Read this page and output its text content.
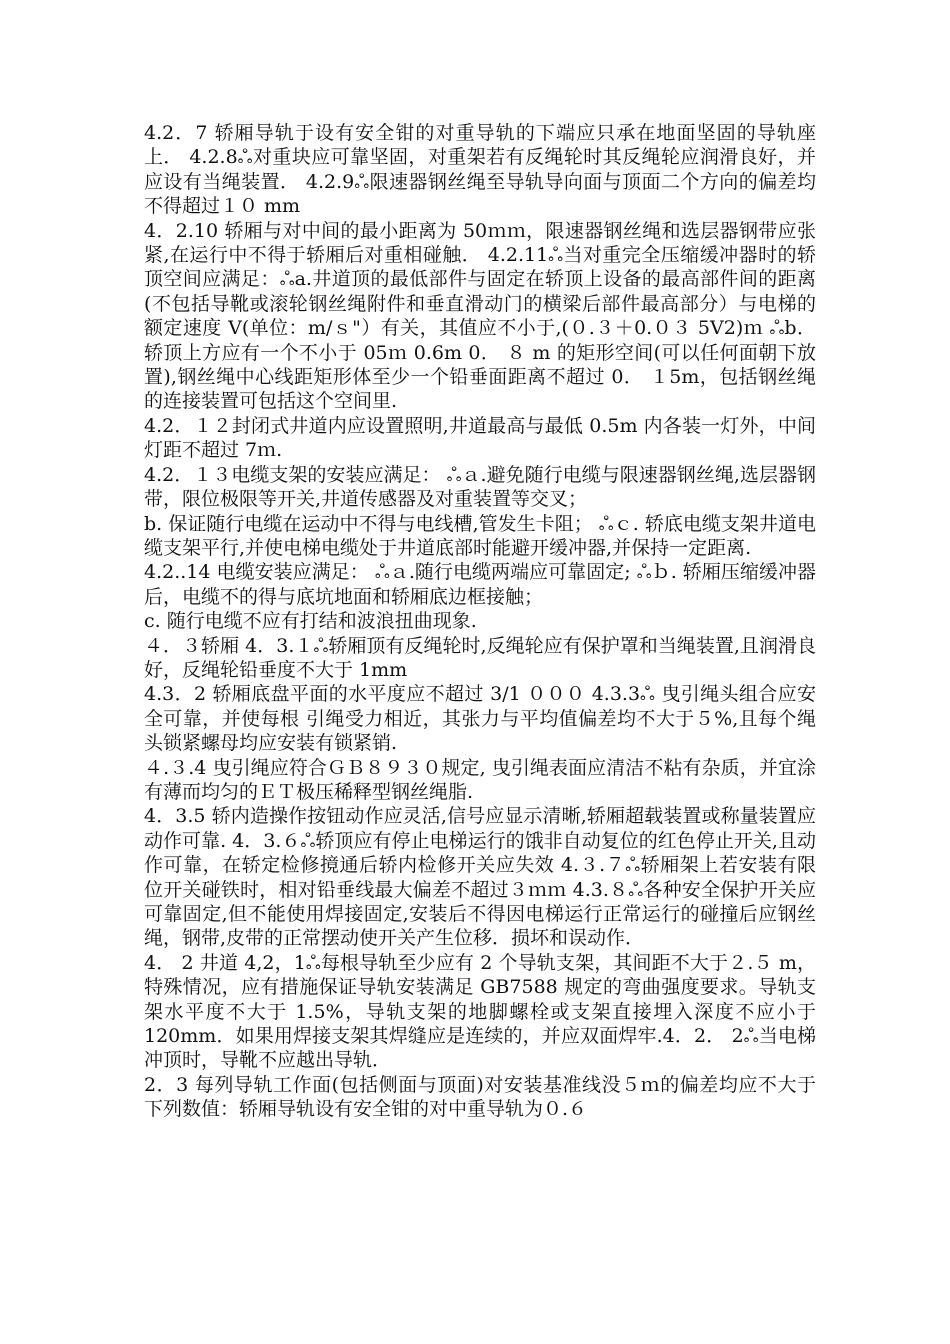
4.2．7 轿厢导轨于设有安全钳的对重导轨的下端应只承在地面坚固的导轨座上． 4.2.8ஃ对重块应可靠坚固，对重架若有反绳轮时其反绳轮应润滑良好，并应设有当绳装置． 4.2.9ஃ限速器钢丝绳至导轨导向面与顶面二个方向的偏差均不得超过１０ mm

4．2.10 轿厢与对中间的最小距离为 50ｍｍ，限速器钢丝绳和选层器钢带应张紧,在运行中不得于轿厢后对重相碰触． 4.2.11ஃ当对重完全压缩缓冲器时的轿顶空间应满足：ஃa.井道顶的最低部件与固定在轿顶上设备的最高部件间的距离(不包括导靴或滚轮钢丝绳附件和垂直滑动门的横梁后部件最高部分）与电梯的额定速度 V(单位：m/ｓ"）有关，其值应不小于,(０.３＋0.０３ 5V2)ｍ ஃb． 轿顶上方应有一个不小于 05ｍ 0.6m 0． ８ m 的矩形空间(可以任何面朝下放置),钢丝绳中心线距矩形体至少一个铅垂面距离不超过 0． １5m，包括钢丝绳的连接装置可包括这个空间里.

4.2．１２封闭式井道内应设置照明,井道最高与最低 0.5m 内各装一灯外，中间灯距不超过 7ｍ.

4.2．１３电缆支架的安装应满足： ஃａ.避免随行电缆与限速器钢丝绳,选层器钢带，限位极限等开关,井道传感器及对重装置等交叉；

b. 保证随行电缆在运动中不得与电线槽,管发生卡阻； ஃｃ. 轿底电缆支架井道电缆支架平行,并使电梯电缆处于井道底部时能避开缓冲器,并保持一定距离.

4.2..14 电缆安装应满足： ஃａ.随行电缆两端应可靠固定; ஃｂ. 轿厢压缩缓冲器后，电缆不的得与底坑地面和轿厢底边框接触；

c. 随行电缆不应有打结和波浪扭曲现象.

４．３轿厢 4．3.１ஃ轿厢顶有反绳轮时,反绳轮应有保护罩和当绳装置,且润滑良好，反绳轮铅垂度不大于 1mm

4.3．2 轿厢底盘平面的水平度应不超过 3/1 ０００ 4.3.3ஃ 曳引绳头组合应安全可靠，并使每根 引绳受力相近，其张力与平均值偏差均不大于５%,且每个绳头锁紧螺母均应安装有锁紧销.

４.３.4 曳引绳应符合ＧＢ８９３０规定, 曳引绳表面应清洁不粘有杂质，并宜涂有薄而均匀的ＥＴ极压稀释型钢丝绳脂.

4．3.5 轿内造操作按钮动作应灵活,信号应显示清晰,轿厢超载装置或称量装置应动作可靠. 4．3.６ஃ轿顶应有停止电梯运行的饿非自动复位的红色停止开关,且动作可靠，在轿定检修摬通后轿内检修开关应失效 4.３.７ஃ轿厢架上若安装有限位开关碰铁时，相对铅垂线最大偏差不超过３ｍｍ 4.3.８ஃ各种安全保护开关应可靠固定,但不能使用焊接固定,安装后不得因电梯运行正常运行的碰撞后应钢丝绳，钢带,皮带的正常摆动使开关产生位移．损坏和误动作．

4． 2 井道 4,2，1ஃ每根导轨至少应有 2 个导轨支架，其间距不大于２.５ m，特殊情况，应有措施保证导轨安装满足 GB7588 规定的弯曲强度要求。导轨支架水平度不大于 1.5%，导轨支架的地脚螺栓或支架直接埋入深度不应小于 120mm．如果用焊接支架其焊缝应是连续的，并应双面焊牢.4．2． 2ஃ当电梯冲顶时，导靴不应越出导轨．

2．3 每列导轨工作面(包括侧面与顶面)对安装基准线没５ｍ的偏差均应不大于下列数值：轿厢导轨设有安全钳的对中重导轨为０.６
